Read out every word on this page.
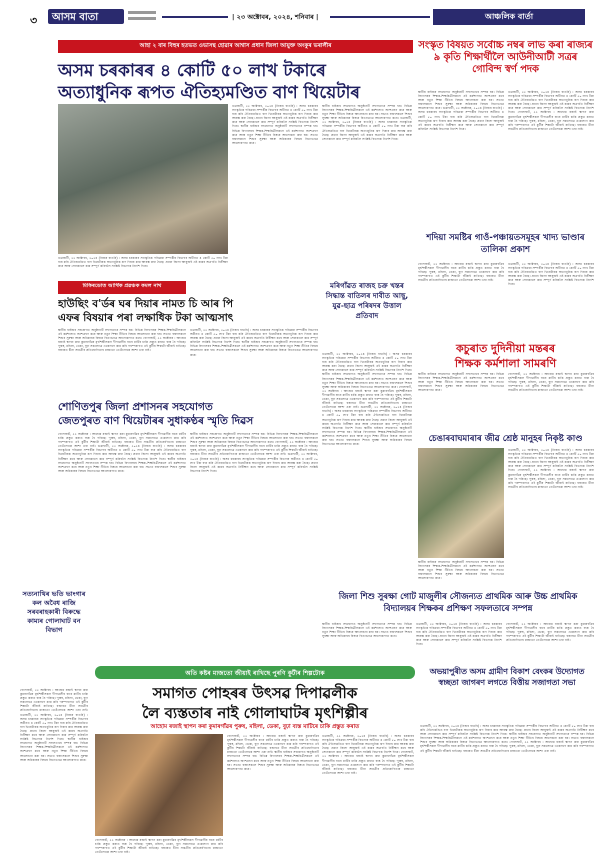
৩ আসম বাতা	| ২৩ অক্টোবৰ, ২০২৪, শনিবাৰ |	আঞ্চলিক বাৰ্তা
আহা ২ বাৰ বিহুৰ হতভত ওভাসন্থ হোৱাৰ আশ্বাস প্ৰধান জিলা আয়ুক্ত অংকুৰ ভৰালীৰ
অসম চৰকাৰৰ ৪ কোটি ৫০ লাখ টকাৰে
অত্যাধুনিক ৰূপত ঐতিহ্যমণ্ডিত বাণ থিয়েটাৰ
গুৱাহাটী, ২২ অক্টোবৰ, ২০২৪ (নিজৰ বাতৰি) : অসম চৰকাৰৰ সাংস্কৃতিক পৰিক্ৰমা সম্পৰ্কীয় বিভাগৰ অধীনত ৪ কোটি ৫০ লাখ টকা ব্যয় কৰি ঐতিহ্যমণ্ডিত বাণ থিয়েটাৰক অত্যাধুনিক ৰূপ দিয়াৰ কাম আৰম্ভ কৰা হৈছে। প্ৰধান জিলা আয়ুক্তই এই কামৰ অগ্ৰগতি নিৰীক্ষণ কৰে আৰু সোনকালে কাম সম্পূৰ্ণ কৰিবলৈ সংশ্লিষ্ট বিভাগক নিৰ্দেশ দিয়ে।
গুৱাহাটী, ২২ অক্টোবৰ, ২০২৪ (নিজৰ বাতৰি) : অসম চৰকাৰৰ সাংস্কৃতিক পৰিক্ৰমা সম্পৰ্কীয় বিভাগৰ অধীনত ৪ কোটি ৫০ লাখ টকা ব্যয় কৰি ঐতিহ্যমণ্ডিত বাণ থিয়েটাৰক অত্যাধুনিক ৰূপ দিয়াৰ কাম আৰম্ভ কৰা হৈছে। প্ৰধান জিলা আয়ুক্তই এই কামৰ অগ্ৰগতি নিৰীক্ষণ কৰে আৰু সোনকালে কাম সম্পূৰ্ণ কৰিবলৈ সংশ্লিষ্ট বিভাগক নিৰ্দেশ দিয়ে। স্থানীয় ৰাইজৰ সহযোগত অনুষ্ঠানটি সফলতাৰে সম্পন্ন হয়। বিভিন্ন বিদ্যালয়ৰ শিক্ষক-শিক্ষয়িত্ৰীসকলে এই কৰ্মশালাত অংশগ্ৰহণ কৰে আৰু নতুন শিক্ষা নীতিৰ বিষয়ে আলোচনা কৰা হয়। সভাত বক্তাসকলে শিশুৰ সুৰক্ষা আৰু অধিকাৰৰ বিষয়ে বিতংভাৱে আলোকপাত কৰে।
স্থানীয় ৰাইজৰ সহযোগত অনুষ্ঠানটি সফলতাৰে সম্পন্ন হয়। বিভিন্ন বিদ্যালয়ৰ শিক্ষক-শিক্ষয়িত্ৰীসকলে এই কৰ্মশালাত অংশগ্ৰহণ কৰে আৰু নতুন শিক্ষা নীতিৰ বিষয়ে আলোচনা কৰা হয়। সভাত বক্তাসকলে শিশুৰ সুৰক্ষা আৰু অধিকাৰৰ বিষয়ে বিতংভাৱে আলোকপাত কৰে। গুৱাহাটী, ২২ অক্টোবৰ, ২০২৪ (নিজৰ বাতৰি) : অসম চৰকাৰৰ সাংস্কৃতিক পৰিক্ৰমা সম্পৰ্কীয় বিভাগৰ অধীনত ৪ কোটি ৫০ লাখ টকা ব্যয় কৰি ঐতিহ্যমণ্ডিত বাণ থিয়েটাৰক অত্যাধুনিক ৰূপ দিয়াৰ কাম আৰম্ভ কৰা হৈছে। প্ৰধান জিলা আয়ুক্তই এই কামৰ অগ্ৰগতি নিৰীক্ষণ কৰে আৰু সোনকালে কাম সম্পূৰ্ণ কৰিবলৈ সংশ্লিষ্ট বিভাগক নিৰ্দেশ দিয়ে।
সংস্কৃত বিষয়ত সৰ্বোচ্চ নম্বৰ লাভ কৰা ৰাজ্যৰ ৯ কৃতি শিক্ষাৰ্থীলৈ আউনীআটী সত্ৰৰ গোবিন্দ স্বৰ্ণ পদক
স্থানীয় ৰাইজৰ সহযোগত অনুষ্ঠানটি সফলতাৰে সম্পন্ন হয়। বিভিন্ন বিদ্যালয়ৰ শিক্ষক-শিক্ষয়িত্ৰীসকলে এই কৰ্মশালাত অংশগ্ৰহণ কৰে আৰু নতুন শিক্ষা নীতিৰ বিষয়ে আলোচনা কৰা হয়। সভাত বক্তাসকলে শিশুৰ সুৰক্ষা আৰু অধিকাৰৰ বিষয়ে বিতংভাৱে আলোকপাত কৰে। গুৱাহাটী, ২২ অক্টোবৰ, ২০২৪ (নিজৰ বাতৰি) : অসম চৰকাৰৰ সাংস্কৃতিক পৰিক্ৰমা সম্পৰ্কীয় বিভাগৰ অধীনত ৪ কোটি ৫০ লাখ টকা ব্যয় কৰি ঐতিহ্যমণ্ডিত বাণ থিয়েটাৰক অত্যাধুনিক ৰূপ দিয়াৰ কাম আৰম্ভ কৰা হৈছে। প্ৰধান জিলা আয়ুক্তই এই কামৰ অগ্ৰগতি নিৰীক্ষণ কৰে আৰু সোনকালে কাম সম্পূৰ্ণ কৰিবলৈ সংশ্লিষ্ট বিভাগক নিৰ্দেশ দিয়ে।
গুৱাহাটী, ২২ অক্টোবৰ, ২০২৪ (নিজৰ বাতৰি) : অসম চৰকাৰৰ সাংস্কৃতিক পৰিক্ৰমা সম্পৰ্কীয় বিভাগৰ অধীনত ৪ কোটি ৫০ লাখ টকা ব্যয় কৰি ঐতিহ্যমণ্ডিত বাণ থিয়েটাৰক অত্যাধুনিক ৰূপ দিয়াৰ কাম আৰম্ভ কৰা হৈছে। প্ৰধান জিলা আয়ুক্তই এই কামৰ অগ্ৰগতি নিৰীক্ষণ কৰে আৰু সোনকালে কাম সম্পূৰ্ণ কৰিবলৈ সংশ্লিষ্ট বিভাগক নিৰ্দেশ দিয়ে। গোলাঘাট, ২২ অক্টোবৰ : আহোম ৰজাই স্থাপন কৰা কুমাৰগাঁৱৰ মৃৎশিল্পীসকল দীপাৱলীৰ বাবে মাটিৰ চাকি প্ৰস্তুত কৰাত ব্যস্ত হৈ পৰিছে। পুৰুষ, মহিলা, ডেকা, বুঢ়া সকলোৱে একেলগে কাম কৰি পৰম্পৰাগত এই কুটীৰ শিল্পটো জীয়াই ৰাখিছে। বজাৰত চীনা সামগ্ৰীৰ প্ৰতিযোগিতাৰ মাজতো তেওঁলোকে আশা এৰা নাই।
শদিয়া সমষ্টিৰ গাওঁ-পঞ্চায়তসমূহৰ খাদ্য ভাণ্ডাৰ তালিকা প্ৰকাশ
গোলাঘাট, ২২ অক্টোবৰ : আহোম ৰজাই স্থাপন কৰা কুমাৰগাঁৱৰ মৃৎশিল্পীসকল দীপাৱলীৰ বাবে মাটিৰ চাকি প্ৰস্তুত কৰাত ব্যস্ত হৈ পৰিছে। পুৰুষ, মহিলা, ডেকা, বুঢ়া সকলোৱে একেলগে কাম কৰি পৰম্পৰাগত এই কুটীৰ শিল্পটো জীয়াই ৰাখিছে। বজাৰত চীনা সামগ্ৰীৰ প্ৰতিযোগিতাৰ মাজতো তেওঁলোকে আশা এৰা নাই।
গুৱাহাটী, ২২ অক্টোবৰ, ২০২৪ (নিজৰ বাতৰি) : অসম চৰকাৰৰ সাংস্কৃতিক পৰিক্ৰমা সম্পৰ্কীয় বিভাগৰ অধীনত ৪ কোটি ৫০ লাখ টকা ব্যয় কৰি ঐতিহ্যমণ্ডিত বাণ থিয়েটাৰক অত্যাধুনিক ৰূপ দিয়াৰ কাম আৰম্ভ কৰা হৈছে। প্ৰধান জিলা আয়ুক্তই এই কামৰ অগ্ৰগতি নিৰীক্ষণ কৰে আৰু সোনকালে কাম সম্পূৰ্ণ কৰিবলৈ সংশ্লিষ্ট বিভাগক নিৰ্দেশ দিয়ে।
মিকিৰডোত আৰ্থিক প্ৰৱঞ্চক কমল নাথ
হাউছিং ব'ৰ্ডৰ ঘৰ দিয়াৰ নামত চি আৰ পি
এফৰ বিষয়াৰ পৰা লক্ষাধিক টকা আত্মসাৎ
স্থানীয় ৰাইজৰ সহযোগত অনুষ্ঠানটি সফলতাৰে সম্পন্ন হয়। বিভিন্ন বিদ্যালয়ৰ শিক্ষক-শিক্ষয়িত্ৰীসকলে এই কৰ্মশালাত অংশগ্ৰহণ কৰে আৰু নতুন শিক্ষা নীতিৰ বিষয়ে আলোচনা কৰা হয়। সভাত বক্তাসকলে শিশুৰ সুৰক্ষা আৰু অধিকাৰৰ বিষয়ে বিতংভাৱে আলোকপাত কৰে। গোলাঘাট, ২২ অক্টোবৰ : আহোম ৰজাই স্থাপন কৰা কুমাৰগাঁৱৰ মৃৎশিল্পীসকল দীপাৱলীৰ বাবে মাটিৰ চাকি প্ৰস্তুত কৰাত ব্যস্ত হৈ পৰিছে। পুৰুষ, মহিলা, ডেকা, বুঢ়া সকলোৱে একেলগে কাম কৰি পৰম্পৰাগত এই কুটীৰ শিল্পটো জীয়াই ৰাখিছে। বজাৰত চীনা সামগ্ৰীৰ প্ৰতিযোগিতাৰ মাজতো তেওঁলোকে আশা এৰা নাই।
গুৱাহাটী, ২২ অক্টোবৰ, ২০২৪ (নিজৰ বাতৰি) : অসম চৰকাৰৰ সাংস্কৃতিক পৰিক্ৰমা সম্পৰ্কীয় বিভাগৰ অধীনত ৪ কোটি ৫০ লাখ টকা ব্যয় কৰি ঐতিহ্যমণ্ডিত বাণ থিয়েটাৰক অত্যাধুনিক ৰূপ দিয়াৰ কাম আৰম্ভ কৰা হৈছে। প্ৰধান জিলা আয়ুক্তই এই কামৰ অগ্ৰগতি নিৰীক্ষণ কৰে আৰু সোনকালে কাম সম্পূৰ্ণ কৰিবলৈ সংশ্লিষ্ট বিভাগক নিৰ্দেশ দিয়ে। স্থানীয় ৰাইজৰ সহযোগত অনুষ্ঠানটি সফলতাৰে সম্পন্ন হয়। বিভিন্ন বিদ্যালয়ৰ শিক্ষক-শিক্ষয়িত্ৰীসকলে এই কৰ্মশালাত অংশগ্ৰহণ কৰে আৰু নতুন শিক্ষা নীতিৰ বিষয়ে আলোচনা কৰা হয়। সভাত বক্তাসকলে শিশুৰ সুৰক্ষা আৰু অধিকাৰৰ বিষয়ে বিতংভাৱে আলোকপাত কৰে।
মৰিগাঁৱত ৰাজহ চক্ৰ খন্তৰ সিদ্ধান্ত বাতিলৰ দাবীত আছু, যুৱ-ছাত্ৰ পৰিষদৰ উত্তাল প্ৰতিবাদ
গুৱাহাটী, ২২ অক্টোবৰ, ২০২৪ (নিজৰ বাতৰি) : অসম চৰকাৰৰ সাংস্কৃতিক পৰিক্ৰমা সম্পৰ্কীয় বিভাগৰ অধীনত ৪ কোটি ৫০ লাখ টকা ব্যয় কৰি ঐতিহ্যমণ্ডিত বাণ থিয়েটাৰক অত্যাধুনিক ৰূপ দিয়াৰ কাম আৰম্ভ কৰা হৈছে। প্ৰধান জিলা আয়ুক্তই এই কামৰ অগ্ৰগতি নিৰীক্ষণ কৰে আৰু সোনকালে কাম সম্পূৰ্ণ কৰিবলৈ সংশ্লিষ্ট বিভাগক নিৰ্দেশ দিয়ে। স্থানীয় ৰাইজৰ সহযোগত অনুষ্ঠানটি সফলতাৰে সম্পন্ন হয়। বিভিন্ন বিদ্যালয়ৰ শিক্ষক-শিক্ষয়িত্ৰীসকলে এই কৰ্মশালাত অংশগ্ৰহণ কৰে আৰু নতুন শিক্ষা নীতিৰ বিষয়ে আলোচনা কৰা হয়। সভাত বক্তাসকলে শিশুৰ সুৰক্ষা আৰু অধিকাৰৰ বিষয়ে বিতংভাৱে আলোকপাত কৰে। গোলাঘাট, ২২ অক্টোবৰ : আহোম ৰজাই স্থাপন কৰা কুমাৰগাঁৱৰ মৃৎশিল্পীসকল দীপাৱলীৰ বাবে মাটিৰ চাকি প্ৰস্তুত কৰাত ব্যস্ত হৈ পৰিছে। পুৰুষ, মহিলা, ডেকা, বুঢ়া সকলোৱে একেলগে কাম কৰি পৰম্পৰাগত এই কুটীৰ শিল্পটো জীয়াই ৰাখিছে। বজাৰত চীনা সামগ্ৰীৰ প্ৰতিযোগিতাৰ মাজতো তেওঁলোকে আশা এৰা নাই। গুৱাহাটী, ২২ অক্টোবৰ, ২০২৪ (নিজৰ বাতৰি) : অসম চৰকাৰৰ সাংস্কৃতিক পৰিক্ৰমা সম্পৰ্কীয় বিভাগৰ অধীনত ৪ কোটি ৫০ লাখ টকা ব্যয় কৰি ঐতিহ্যমণ্ডিত বাণ থিয়েটাৰক অত্যাধুনিক ৰূপ দিয়াৰ কাম আৰম্ভ কৰা হৈছে। প্ৰধান জিলা আয়ুক্তই এই কামৰ অগ্ৰগতি নিৰীক্ষণ কৰে আৰু সোনকালে কাম সম্পূৰ্ণ কৰিবলৈ সংশ্লিষ্ট বিভাগক নিৰ্দেশ দিয়ে। স্থানীয় ৰাইজৰ সহযোগত অনুষ্ঠানটি সফলতাৰে সম্পন্ন হয়। বিভিন্ন বিদ্যালয়ৰ শিক্ষক-শিক্ষয়িত্ৰীসকলে এই কৰ্মশালাত অংশগ্ৰহণ কৰে আৰু নতুন শিক্ষা নীতিৰ বিষয়ে আলোচনা কৰা হয়। সভাত বক্তাসকলে শিশুৰ সুৰক্ষা আৰু অধিকাৰৰ বিষয়ে বিতংভাৱে আলোকপাত কৰে।
কচুৰাত দুদিনীয়া মন্তৰৰ
শিক্ষক কৰ্মশালা সামৰণি
স্থানীয় ৰাইজৰ সহযোগত অনুষ্ঠানটি সফলতাৰে সম্পন্ন হয়। বিভিন্ন বিদ্যালয়ৰ শিক্ষক-শিক্ষয়িত্ৰীসকলে এই কৰ্মশালাত অংশগ্ৰহণ কৰে আৰু নতুন শিক্ষা নীতিৰ বিষয়ে আলোচনা কৰা হয়। সভাত বক্তাসকলে শিশুৰ সুৰক্ষা আৰু অধিকাৰৰ বিষয়ে বিতংভাৱে আলোকপাত কৰে।
গোলাঘাট, ২২ অক্টোবৰ : আহোম ৰজাই স্থাপন কৰা কুমাৰগাঁৱৰ মৃৎশিল্পীসকল দীপাৱলীৰ বাবে মাটিৰ চাকি প্ৰস্তুত কৰাত ব্যস্ত হৈ পৰিছে। পুৰুষ, মহিলা, ডেকা, বুঢ়া সকলোৱে একেলগে কাম কৰি পৰম্পৰাগত এই কুটীৰ শিল্পটো জীয়াই ৰাখিছে। বজাৰত চীনা সামগ্ৰীৰ প্ৰতিযোগিতাৰ মাজতো তেওঁলোকে আশা এৰা নাই।
চেঙাৰবাঘমাৰাৰ জীৱ শ্ৰেষ্ঠ মানুহৰ নিকৃষ্ট কাণ্ড
গুৱাহাটী, ২২ অক্টোবৰ, ২০২৪ (নিজৰ বাতৰি) : অসম চৰকাৰৰ সাংস্কৃতিক পৰিক্ৰমা সম্পৰ্কীয় বিভাগৰ অধীনত ৪ কোটি ৫০ লাখ টকা ব্যয় কৰি ঐতিহ্যমণ্ডিত বাণ থিয়েটাৰক অত্যাধুনিক ৰূপ দিয়াৰ কাম আৰম্ভ কৰা হৈছে। প্ৰধান জিলা আয়ুক্তই এই কামৰ অগ্ৰগতি নিৰীক্ষণ কৰে আৰু সোনকালে কাম সম্পূৰ্ণ কৰিবলৈ সংশ্লিষ্ট বিভাগক নিৰ্দেশ দিয়ে। গোলাঘাট, ২২ অক্টোবৰ : আহোম ৰজাই স্থাপন কৰা কুমাৰগাঁৱৰ মৃৎশিল্পীসকল দীপাৱলীৰ বাবে মাটিৰ চাকি প্ৰস্তুত কৰাত ব্যস্ত হৈ পৰিছে। পুৰুষ, মহিলা, ডেকা, বুঢ়া সকলোৱে একেলগে কাম কৰি পৰম্পৰাগত এই কুটীৰ শিল্পটো জীয়াই ৰাখিছে। বজাৰত চীনা সামগ্ৰীৰ প্ৰতিযোগিতাৰ মাজতো তেওঁলোকে আশা এৰা নাই।
স্থানীয় ৰাইজৰ সহযোগত অনুষ্ঠানটি সফলতাৰে সম্পন্ন হয়। বিভিন্ন বিদ্যালয়ৰ শিক্ষক-শিক্ষয়িত্ৰীসকলে এই কৰ্মশালাত অংশগ্ৰহণ কৰে আৰু নতুন শিক্ষা নীতিৰ বিষয়ে আলোচনা কৰা হয়। সভাত বক্তাসকলে শিশুৰ সুৰক্ষা আৰু অধিকাৰৰ বিষয়ে বিতংভাৱে আলোকপাত কৰে।
শোণিতপুৰ জিলা প্ৰশাসনৰ সহযোগত
জেতপুৰত বাণ থিয়েটাৰৰ সুধাকণ্ঠৰ স্মৃতি দিৱস
গোলাঘাট, ২২ অক্টোবৰ : আহোম ৰজাই স্থাপন কৰা কুমাৰগাঁৱৰ মৃৎশিল্পীসকল দীপাৱলীৰ বাবে মাটিৰ চাকি প্ৰস্তুত কৰাত ব্যস্ত হৈ পৰিছে। পুৰুষ, মহিলা, ডেকা, বুঢ়া সকলোৱে একেলগে কাম কৰি পৰম্পৰাগত এই কুটীৰ শিল্পটো জীয়াই ৰাখিছে। বজাৰত চীনা সামগ্ৰীৰ প্ৰতিযোগিতাৰ মাজতো তেওঁলোকে আশা এৰা নাই। গুৱাহাটী, ২২ অক্টোবৰ, ২০২৪ (নিজৰ বাতৰি) : অসম চৰকাৰৰ সাংস্কৃতিক পৰিক্ৰমা সম্পৰ্কীয় বিভাগৰ অধীনত ৪ কোটি ৫০ লাখ টকা ব্যয় কৰি ঐতিহ্যমণ্ডিত বাণ থিয়েটাৰক অত্যাধুনিক ৰূপ দিয়াৰ কাম আৰম্ভ কৰা হৈছে। প্ৰধান জিলা আয়ুক্তই এই কামৰ অগ্ৰগতি নিৰীক্ষণ কৰে আৰু সোনকালে কাম সম্পূৰ্ণ কৰিবলৈ সংশ্লিষ্ট বিভাগক নিৰ্দেশ দিয়ে। স্থানীয় ৰাইজৰ সহযোগত অনুষ্ঠানটি সফলতাৰে সম্পন্ন হয়। বিভিন্ন বিদ্যালয়ৰ শিক্ষক-শিক্ষয়িত্ৰীসকলে এই কৰ্মশালাত অংশগ্ৰহণ কৰে আৰু নতুন শিক্ষা নীতিৰ বিষয়ে আলোচনা কৰা হয়। সভাত বক্তাসকলে শিশুৰ সুৰক্ষা আৰু অধিকাৰৰ বিষয়ে বিতংভাৱে আলোকপাত কৰে।
স্থানীয় ৰাইজৰ সহযোগত অনুষ্ঠানটি সফলতাৰে সম্পন্ন হয়। বিভিন্ন বিদ্যালয়ৰ শিক্ষক-শিক্ষয়িত্ৰীসকলে এই কৰ্মশালাত অংশগ্ৰহণ কৰে আৰু নতুন শিক্ষা নীতিৰ বিষয়ে আলোচনা কৰা হয়। সভাত বক্তাসকলে শিশুৰ সুৰক্ষা আৰু অধিকাৰৰ বিষয়ে বিতংভাৱে আলোকপাত কৰে। গোলাঘাট, ২২ অক্টোবৰ : আহোম ৰজাই স্থাপন কৰা কুমাৰগাঁৱৰ মৃৎশিল্পীসকল দীপাৱলীৰ বাবে মাটিৰ চাকি প্ৰস্তুত কৰাত ব্যস্ত হৈ পৰিছে। পুৰুষ, মহিলা, ডেকা, বুঢ়া সকলোৱে একেলগে কাম কৰি পৰম্পৰাগত এই কুটীৰ শিল্পটো জীয়াই ৰাখিছে। বজাৰত চীনা সামগ্ৰীৰ প্ৰতিযোগিতাৰ মাজতো তেওঁলোকে আশা এৰা নাই। গুৱাহাটী, ২২ অক্টোবৰ, ২০২৪ (নিজৰ বাতৰি) : অসম চৰকাৰৰ সাংস্কৃতিক পৰিক্ৰমা সম্পৰ্কীয় বিভাগৰ অধীনত ৪ কোটি ৫০ লাখ টকা ব্যয় কৰি ঐতিহ্যমণ্ডিত বাণ থিয়েটাৰক অত্যাধুনিক ৰূপ দিয়াৰ কাম আৰম্ভ কৰা হৈছে। প্ৰধান জিলা আয়ুক্তই এই কামৰ অগ্ৰগতি নিৰীক্ষণ কৰে আৰু সোনকালে কাম সম্পূৰ্ণ কৰিবলৈ সংশ্লিষ্ট বিভাগক নিৰ্দেশ দিয়ে।
সত্যনাথিৰ ভতি ভাংগাৰ কল অবৈধ ৰাজি সৰবৰাহকাৰী বিৰুদ্ধে কাম্যৰ গোলাঘাট বন বিভাগ
গোলাঘাট, ২২ অক্টোবৰ : আহোম ৰজাই স্থাপন কৰা কুমাৰগাঁৱৰ মৃৎশিল্পীসকল দীপাৱলীৰ বাবে মাটিৰ চাকি প্ৰস্তুত কৰাত ব্যস্ত হৈ পৰিছে। পুৰুষ, মহিলা, ডেকা, বুঢ়া সকলোৱে একেলগে কাম কৰি পৰম্পৰাগত এই কুটীৰ শিল্পটো জীয়াই ৰাখিছে। বজাৰত চীনা সামগ্ৰীৰ প্ৰতিযোগিতাৰ মাজতো তেওঁলোকে আশা এৰা নাই। গুৱাহাটী, ২২ অক্টোবৰ, ২০২৪ (নিজৰ বাতৰি) : অসম চৰকাৰৰ সাংস্কৃতিক পৰিক্ৰমা সম্পৰ্কীয় বিভাগৰ অধীনত ৪ কোটি ৫০ লাখ টকা ব্যয় কৰি ঐতিহ্যমণ্ডিত বাণ থিয়েটাৰক অত্যাধুনিক ৰূপ দিয়াৰ কাম আৰম্ভ কৰা হৈছে। প্ৰধান জিলা আয়ুক্তই এই কামৰ অগ্ৰগতি নিৰীক্ষণ কৰে আৰু সোনকালে কাম সম্পূৰ্ণ কৰিবলৈ সংশ্লিষ্ট বিভাগক নিৰ্দেশ দিয়ে। স্থানীয় ৰাইজৰ সহযোগত অনুষ্ঠানটি সফলতাৰে সম্পন্ন হয়। বিভিন্ন বিদ্যালয়ৰ শিক্ষক-শিক্ষয়িত্ৰীসকলে এই কৰ্মশালাত অংশগ্ৰহণ কৰে আৰু নতুন শিক্ষা নীতিৰ বিষয়ে আলোচনা কৰা হয়। সভাত বক্তাসকলে শিশুৰ সুৰক্ষা আৰু অধিকাৰৰ বিষয়ে বিতংভাৱে আলোকপাত কৰে।
জিলা শিশু সুৰক্ষা গোট মাজুলীৰ সৌজন্যত প্ৰাথমিক আৰু উচ্চ প্ৰাথমিক বিদ্যালয়ৰ শিক্ষকৰ প্ৰশিক্ষণ সফলতাৰে সম্পন্ন
স্থানীয় ৰাইজৰ সহযোগত অনুষ্ঠানটি সফলতাৰে সম্পন্ন হয়। বিভিন্ন বিদ্যালয়ৰ শিক্ষক-শিক্ষয়িত্ৰীসকলে এই কৰ্মশালাত অংশগ্ৰহণ কৰে আৰু নতুন শিক্ষা নীতিৰ বিষয়ে আলোচনা কৰা হয়। সভাত বক্তাসকলে শিশুৰ সুৰক্ষা আৰু অধিকাৰৰ বিষয়ে বিতংভাৱে আলোকপাত কৰে।
গুৱাহাটী, ২২ অক্টোবৰ, ২০২৪ (নিজৰ বাতৰি) : অসম চৰকাৰৰ সাংস্কৃতিক পৰিক্ৰমা সম্পৰ্কীয় বিভাগৰ অধীনত ৪ কোটি ৫০ লাখ টকা ব্যয় কৰি ঐতিহ্যমণ্ডিত বাণ থিয়েটাৰক অত্যাধুনিক ৰূপ দিয়াৰ কাম আৰম্ভ কৰা হৈছে। প্ৰধান জিলা আয়ুক্তই এই কামৰ অগ্ৰগতি নিৰীক্ষণ কৰে আৰু সোনকালে কাম সম্পূৰ্ণ কৰিবলৈ সংশ্লিষ্ট বিভাগক নিৰ্দেশ দিয়ে।
গোলাঘাট, ২২ অক্টোবৰ : আহোম ৰজাই স্থাপন কৰা কুমাৰগাঁৱৰ মৃৎশিল্পীসকল দীপাৱলীৰ বাবে মাটিৰ চাকি প্ৰস্তুত কৰাত ব্যস্ত হৈ পৰিছে। পুৰুষ, মহিলা, ডেকা, বুঢ়া সকলোৱে একেলগে কাম কৰি পৰম্পৰাগত এই কুটীৰ শিল্পটো জীয়াই ৰাখিছে। বজাৰত চীনা সামগ্ৰীৰ প্ৰতিযোগিতাৰ মাজতো তেওঁলোকে আশা এৰা নাই।
অতি কষ্টৰ মাজতো জীয়াই ৰাখিছে পুৰণি কুটীৰ শিল্পটোক
সমাগত পোহৰৰ উৎসৱ দিপাৱলীক
লৈ ব্যস্ততাৰ নাই গোলাঘাটৰ মৃৎশিল্পীৰ
আহোম ৰজাই স্থাপন কৰা কুমাৰগাঁৱৰ পুৰুষ, মহিলা, ডেকা, বুঢ়া ব্যস্ত মাটিৰে চাকি প্ৰস্তুত কৰাত
গোলাঘাট, ২২ অক্টোবৰ : আহোম ৰজাই স্থাপন কৰা কুমাৰগাঁৱৰ মৃৎশিল্পীসকল দীপাৱলীৰ বাবে মাটিৰ চাকি প্ৰস্তুত কৰাত ব্যস্ত হৈ পৰিছে। পুৰুষ, মহিলা, ডেকা, বুঢ়া সকলোৱে একেলগে কাম কৰি পৰম্পৰাগত এই কুটীৰ শিল্পটো জীয়াই ৰাখিছে। বজাৰত চীনা সামগ্ৰীৰ প্ৰতিযোগিতাৰ মাজতো তেওঁলোকে আশা এৰা নাই।
গোলাঘাট, ২২ অক্টোবৰ : আহোম ৰজাই স্থাপন কৰা কুমাৰগাঁৱৰ মৃৎশিল্পীসকল দীপাৱলীৰ বাবে মাটিৰ চাকি প্ৰস্তুত কৰাত ব্যস্ত হৈ পৰিছে। পুৰুষ, মহিলা, ডেকা, বুঢ়া সকলোৱে একেলগে কাম কৰি পৰম্পৰাগত এই কুটীৰ শিল্পটো জীয়াই ৰাখিছে। বজাৰত চীনা সামগ্ৰীৰ প্ৰতিযোগিতাৰ মাজতো তেওঁলোকে আশা এৰা নাই। স্থানীয় ৰাইজৰ সহযোগত অনুষ্ঠানটি সফলতাৰে সম্পন্ন হয়। বিভিন্ন বিদ্যালয়ৰ শিক্ষক-শিক্ষয়িত্ৰীসকলে এই কৰ্মশালাত অংশগ্ৰহণ কৰে আৰু নতুন শিক্ষা নীতিৰ বিষয়ে আলোচনা কৰা হয়। সভাত বক্তাসকলে শিশুৰ সুৰক্ষা আৰু অধিকাৰৰ বিষয়ে বিতংভাৱে আলোকপাত কৰে।
গুৱাহাটী, ২২ অক্টোবৰ, ২০২৪ (নিজৰ বাতৰি) : অসম চৰকাৰৰ সাংস্কৃতিক পৰিক্ৰমা সম্পৰ্কীয় বিভাগৰ অধীনত ৪ কোটি ৫০ লাখ টকা ব্যয় কৰি ঐতিহ্যমণ্ডিত বাণ থিয়েটাৰক অত্যাধুনিক ৰূপ দিয়াৰ কাম আৰম্ভ কৰা হৈছে। প্ৰধান জিলা আয়ুক্তই এই কামৰ অগ্ৰগতি নিৰীক্ষণ কৰে আৰু সোনকালে কাম সম্পূৰ্ণ কৰিবলৈ সংশ্লিষ্ট বিভাগক নিৰ্দেশ দিয়ে। গোলাঘাট, ২২ অক্টোবৰ : আহোম ৰজাই স্থাপন কৰা কুমাৰগাঁৱৰ মৃৎশিল্পীসকল দীপাৱলীৰ বাবে মাটিৰ চাকি প্ৰস্তুত কৰাত ব্যস্ত হৈ পৰিছে। পুৰুষ, মহিলা, ডেকা, বুঢ়া সকলোৱে একেলগে কাম কৰি পৰম্পৰাগত এই কুটীৰ শিল্পটো জীয়াই ৰাখিছে। বজাৰত চীনা সামগ্ৰীৰ প্ৰতিযোগিতাৰ মাজতো তেওঁলোকে আশা এৰা নাই।
অভয়াপুৰীত অসম গ্ৰামীণ বিকাশ বেংকৰ উদ্যোগত স্বচ্ছতা জাগৰণ লগতে বিত্তীয় সজাগতা সভা
গুৱাহাটী, ২২ অক্টোবৰ, ২০২৪ (নিজৰ বাতৰি) : অসম চৰকাৰৰ সাংস্কৃতিক পৰিক্ৰমা সম্পৰ্কীয় বিভাগৰ অধীনত ৪ কোটি ৫০ লাখ টকা ব্যয় কৰি ঐতিহ্যমণ্ডিত বাণ থিয়েটাৰক অত্যাধুনিক ৰূপ দিয়াৰ কাম আৰম্ভ কৰা হৈছে। প্ৰধান জিলা আয়ুক্তই এই কামৰ অগ্ৰগতি নিৰীক্ষণ কৰে আৰু সোনকালে কাম সম্পূৰ্ণ কৰিবলৈ সংশ্লিষ্ট বিভাগক নিৰ্দেশ দিয়ে। স্থানীয় ৰাইজৰ সহযোগত অনুষ্ঠানটি সফলতাৰে সম্পন্ন হয়। বিভিন্ন বিদ্যালয়ৰ শিক্ষক-শিক্ষয়িত্ৰীসকলে এই কৰ্মশালাত অংশগ্ৰহণ কৰে আৰু নতুন শিক্ষা নীতিৰ বিষয়ে আলোচনা কৰা হয়। সভাত বক্তাসকলে শিশুৰ সুৰক্ষা আৰু অধিকাৰৰ বিষয়ে বিতংভাৱে আলোকপাত কৰে। গোলাঘাট, ২২ অক্টোবৰ : আহোম ৰজাই স্থাপন কৰা কুমাৰগাঁৱৰ মৃৎশিল্পীসকল দীপাৱলীৰ বাবে মাটিৰ চাকি প্ৰস্তুত কৰাত ব্যস্ত হৈ পৰিছে। পুৰুষ, মহিলা, ডেকা, বুঢ়া সকলোৱে একেলগে কাম কৰি পৰম্পৰাগত এই কুটীৰ শিল্পটো জীয়াই ৰাখিছে। বজাৰত চীনা সামগ্ৰীৰ প্ৰতিযোগিতাৰ মাজতো তেওঁলোকে আশা এৰা নাই।
